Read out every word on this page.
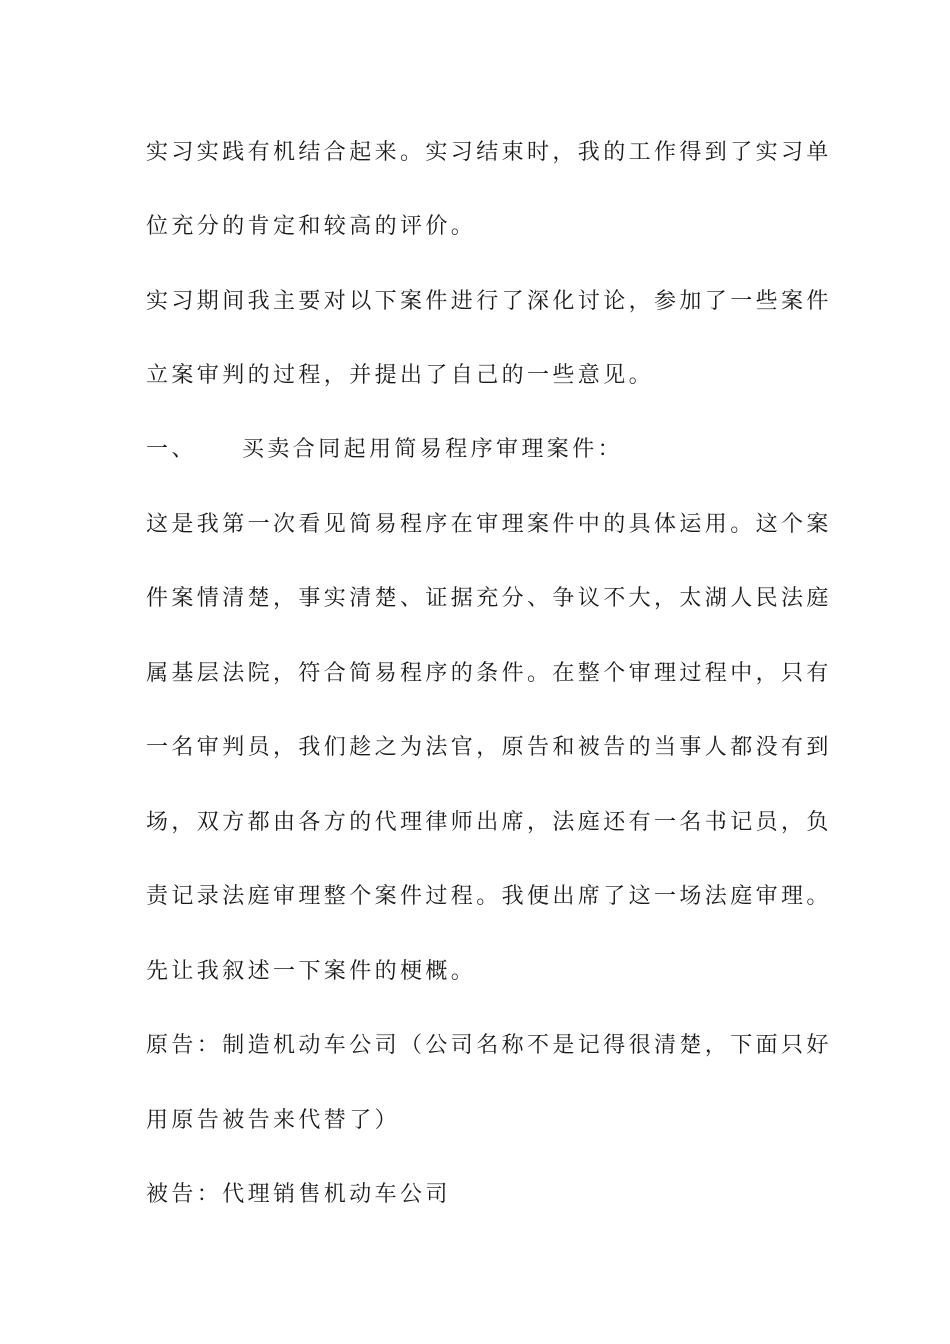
实习实践有机结合起来。实习结束时，我的工作得到了实习单
位充分的肯定和较高的评价。
实习期间我主要对以下案件进行了深化讨论，参加了一些案件
立案审判的过程，并提出了自己的一些意见。
一、 买卖合同起用简易程序审理案件：
这是我第一次看见简易程序在审理案件中的具体运用。这个案
件案情清楚，事实清楚、证据充分、争议不大，太湖人民法庭
属基层法院，符合简易程序的条件。在整个审理过程中，只有
一名审判员，我们趁之为法官，原告和被告的当事人都没有到
场，双方都由各方的代理律师出席，法庭还有一名书记员，负
责记录法庭审理整个案件过程。我便出席了这一场法庭审理。
先让我叙述一下案件的梗概。
原告：制造机动车公司（公司名称不是记得很清楚，下面只好
用原告被告来代替了）
被告：代理销售机动车公司
